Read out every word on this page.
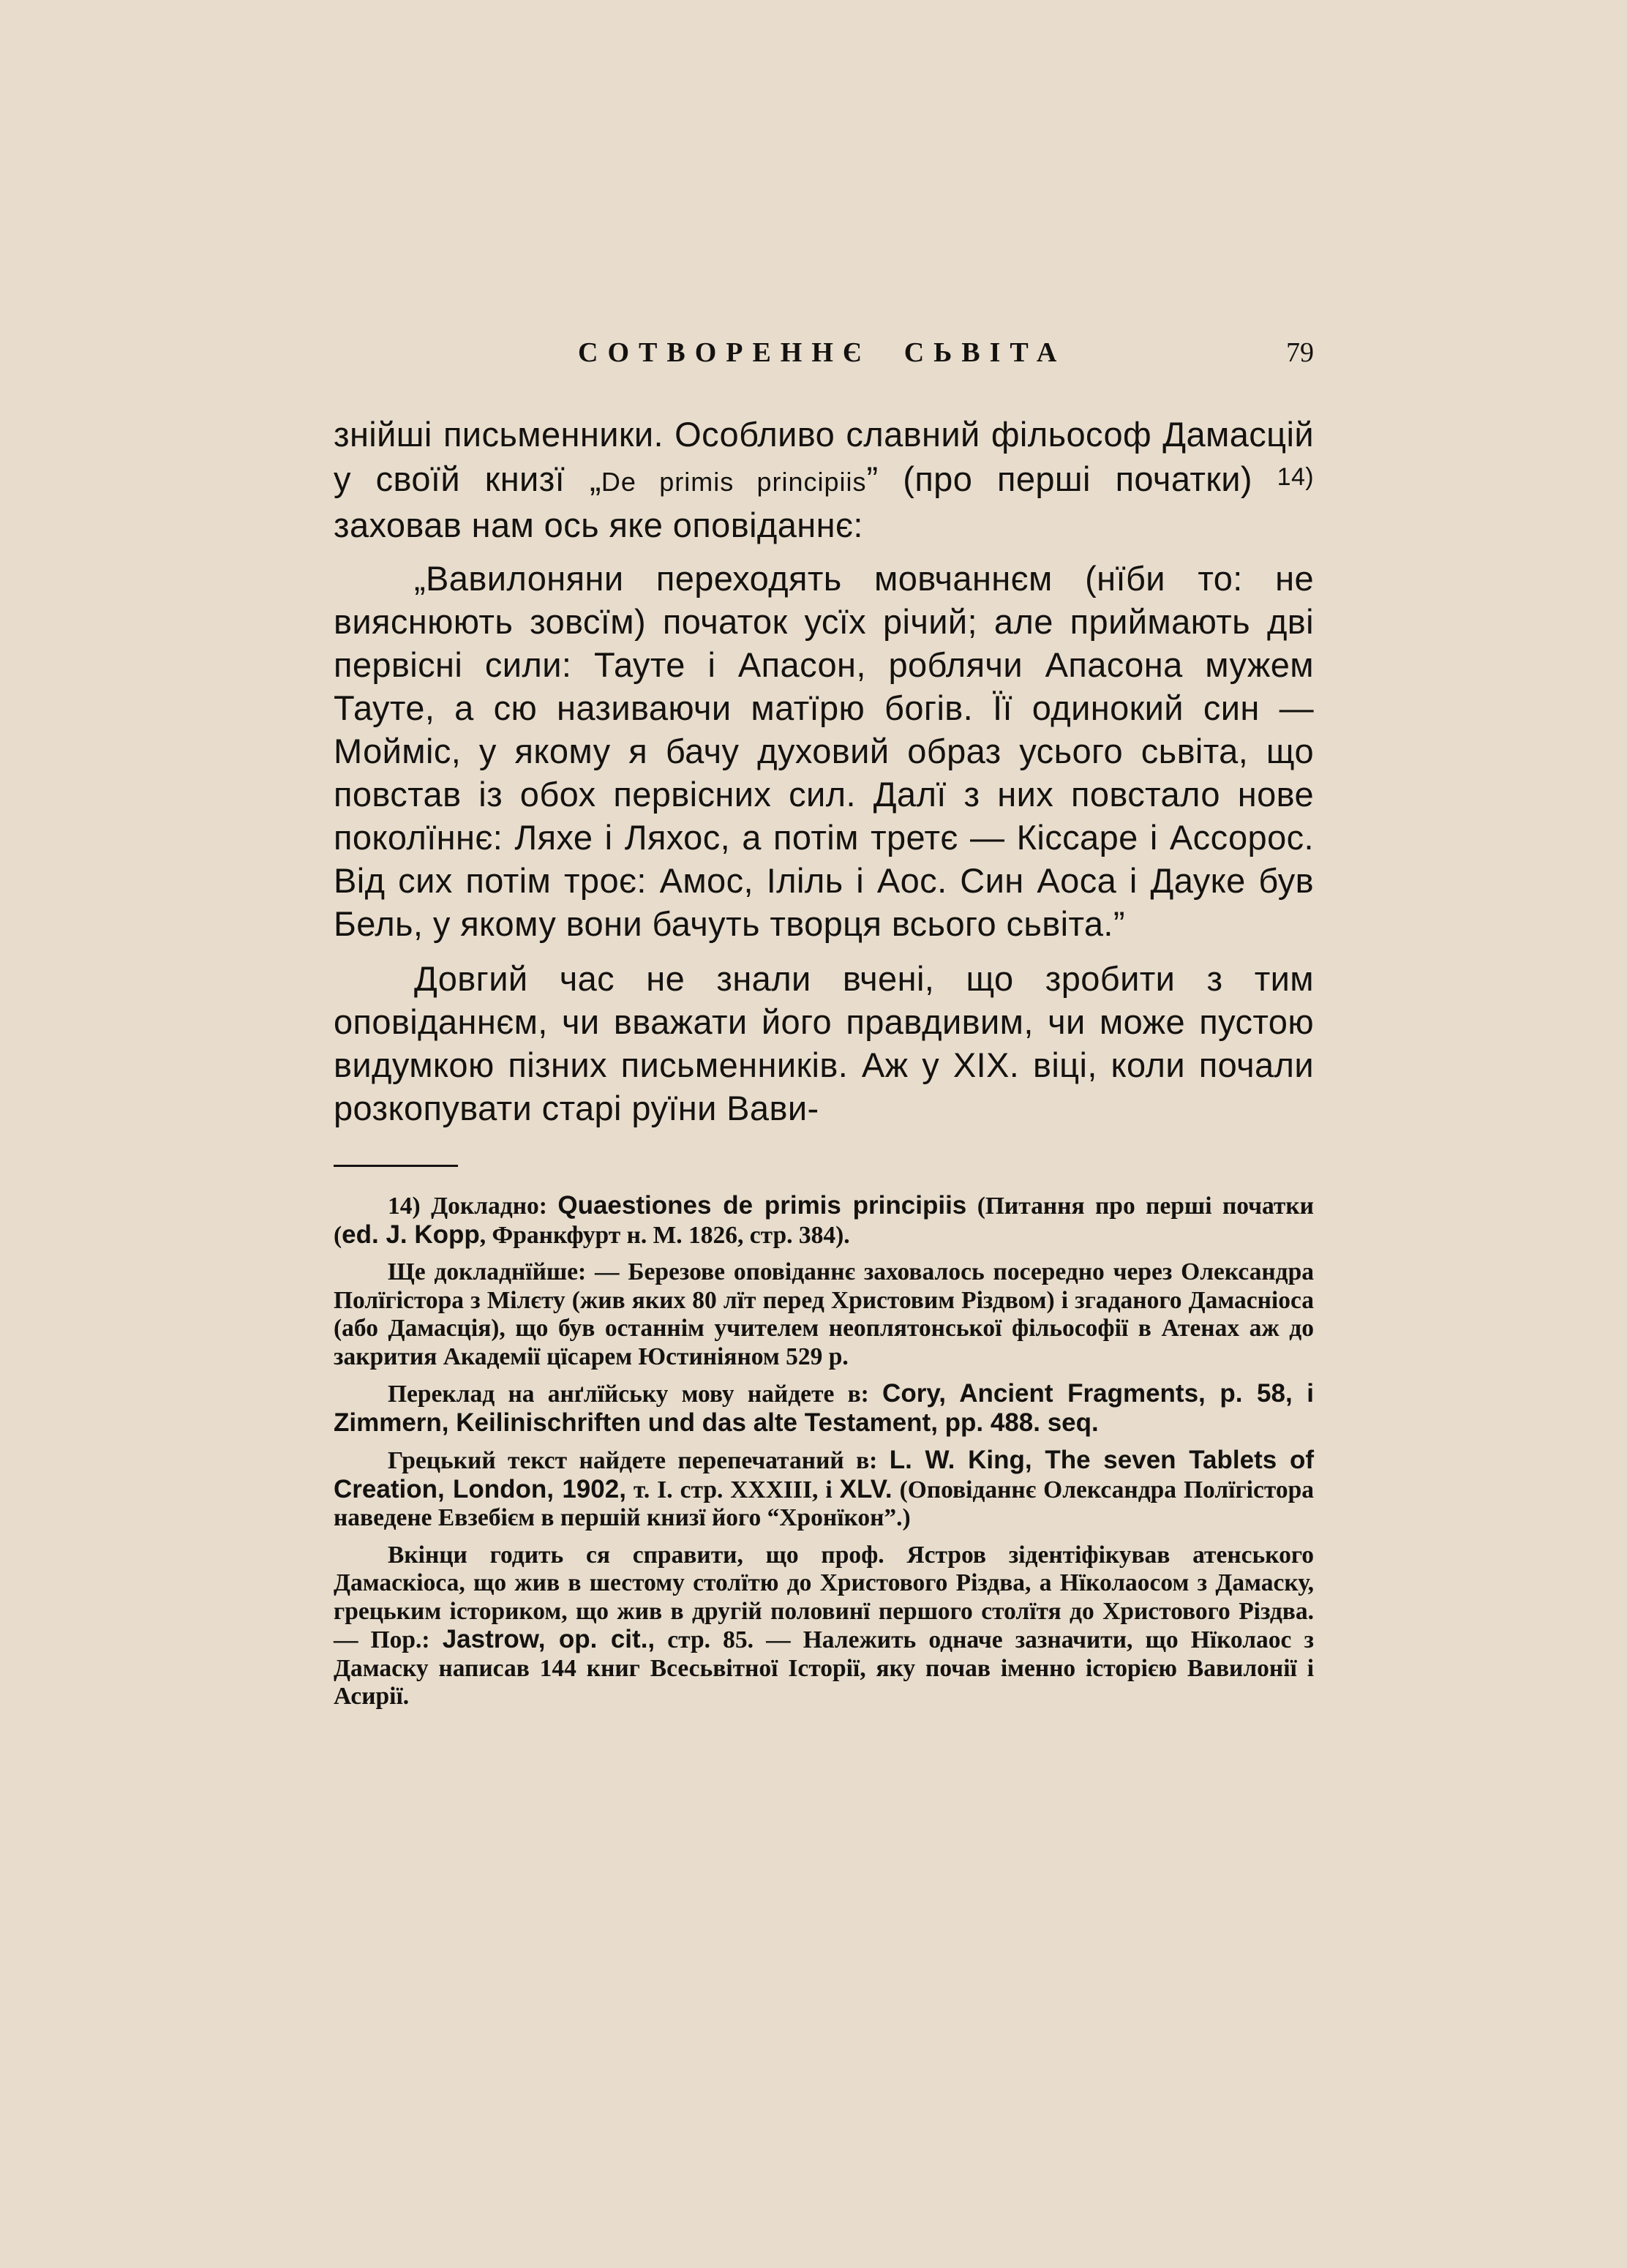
СОТВОРЕННЄ  СЬВІТА	79

знійші письменники. Особливо славний фільософ Дамасцій у своїй книзї „De primis principiis” (про перші початки) $^{14)}$ заховав нам ось яке оповіданнє:

„Вавилоняни переходять мовчаннєм (нїби то: не вияснюють зовсїм) початок усїх річий; але приймають дві первісні сили: Тауте і Апасон, роблячи Апасона мужем Тауте, а сю називаючи матїрю богів. Її одинокий син — Мойміс, у якому я бачу духовий образ усього сьвіта, що повстав із обох первісних сил. Далї з них повстало нове поколїннє: Ляхе і Ляхос, а потім третє — Кіссаре і Ассорос. Від сих потім троє: Амос, Іліль і Аос. Син Аоса і Дауке був Бель, у якому вони бачуть творця всього сьвіта.”

Довгий час не знали вчені, що зробити з тим оповіданнєм, чи вважати його правдивим, чи може пустою видумкою пізних письменників. Аж у XIX. віці, коли почали розкопувати старі руїни Вави-

14) Докладно: Quaestiones de primis principiis (Питання про перші початки (ed. J. Kopp, Франкфурт н. М. 1826, стр. 384).

Ще докладнїйше: — Березове оповіданнє заховалось посередно через Олександра Полїгістора з Мілєту (жив яких 80 лїт перед Христовим Різдвом) і згаданого Дамасніоса (або Дамасція), що був останнім учителем неоплятонської фільософії в Атенах аж до закрития Академії цїсарем Юстиніяном 529 р.

Переклад на анґлїйську мову найдете в: Cory, Ancient Fragments, p. 58, i Zimmern, Keilinischriften und das alte Testament, pp. 488. seq.

Грецький текст найдете перепечатаний в: L. W. King, The seven Tablets of Creation, London, 1902, т. I. стр. XXXIII, і XLV. (Оповіданнє Олександра Полїгістора наведене Евзебієм в першій книзї його “Хронїкон”.)

Вкінци годить ся справити, що проф. Ястров зідентіфікував атенського Дамаскіоса, що жив в шестому столїтю до Христового Різдва, а Нїколаосом з Дамаску, грецьким істориком, що жив в другій половинї першого столїтя до Христового Різдва. — Пор.: Jastrow, op. cit., стр. 85. — Належить одначе зазначити, що Нїколаос з Дамаску написав 144 книг Всесьвітної Історії, яку почав іменно історією Вавилонії і Асирії.
